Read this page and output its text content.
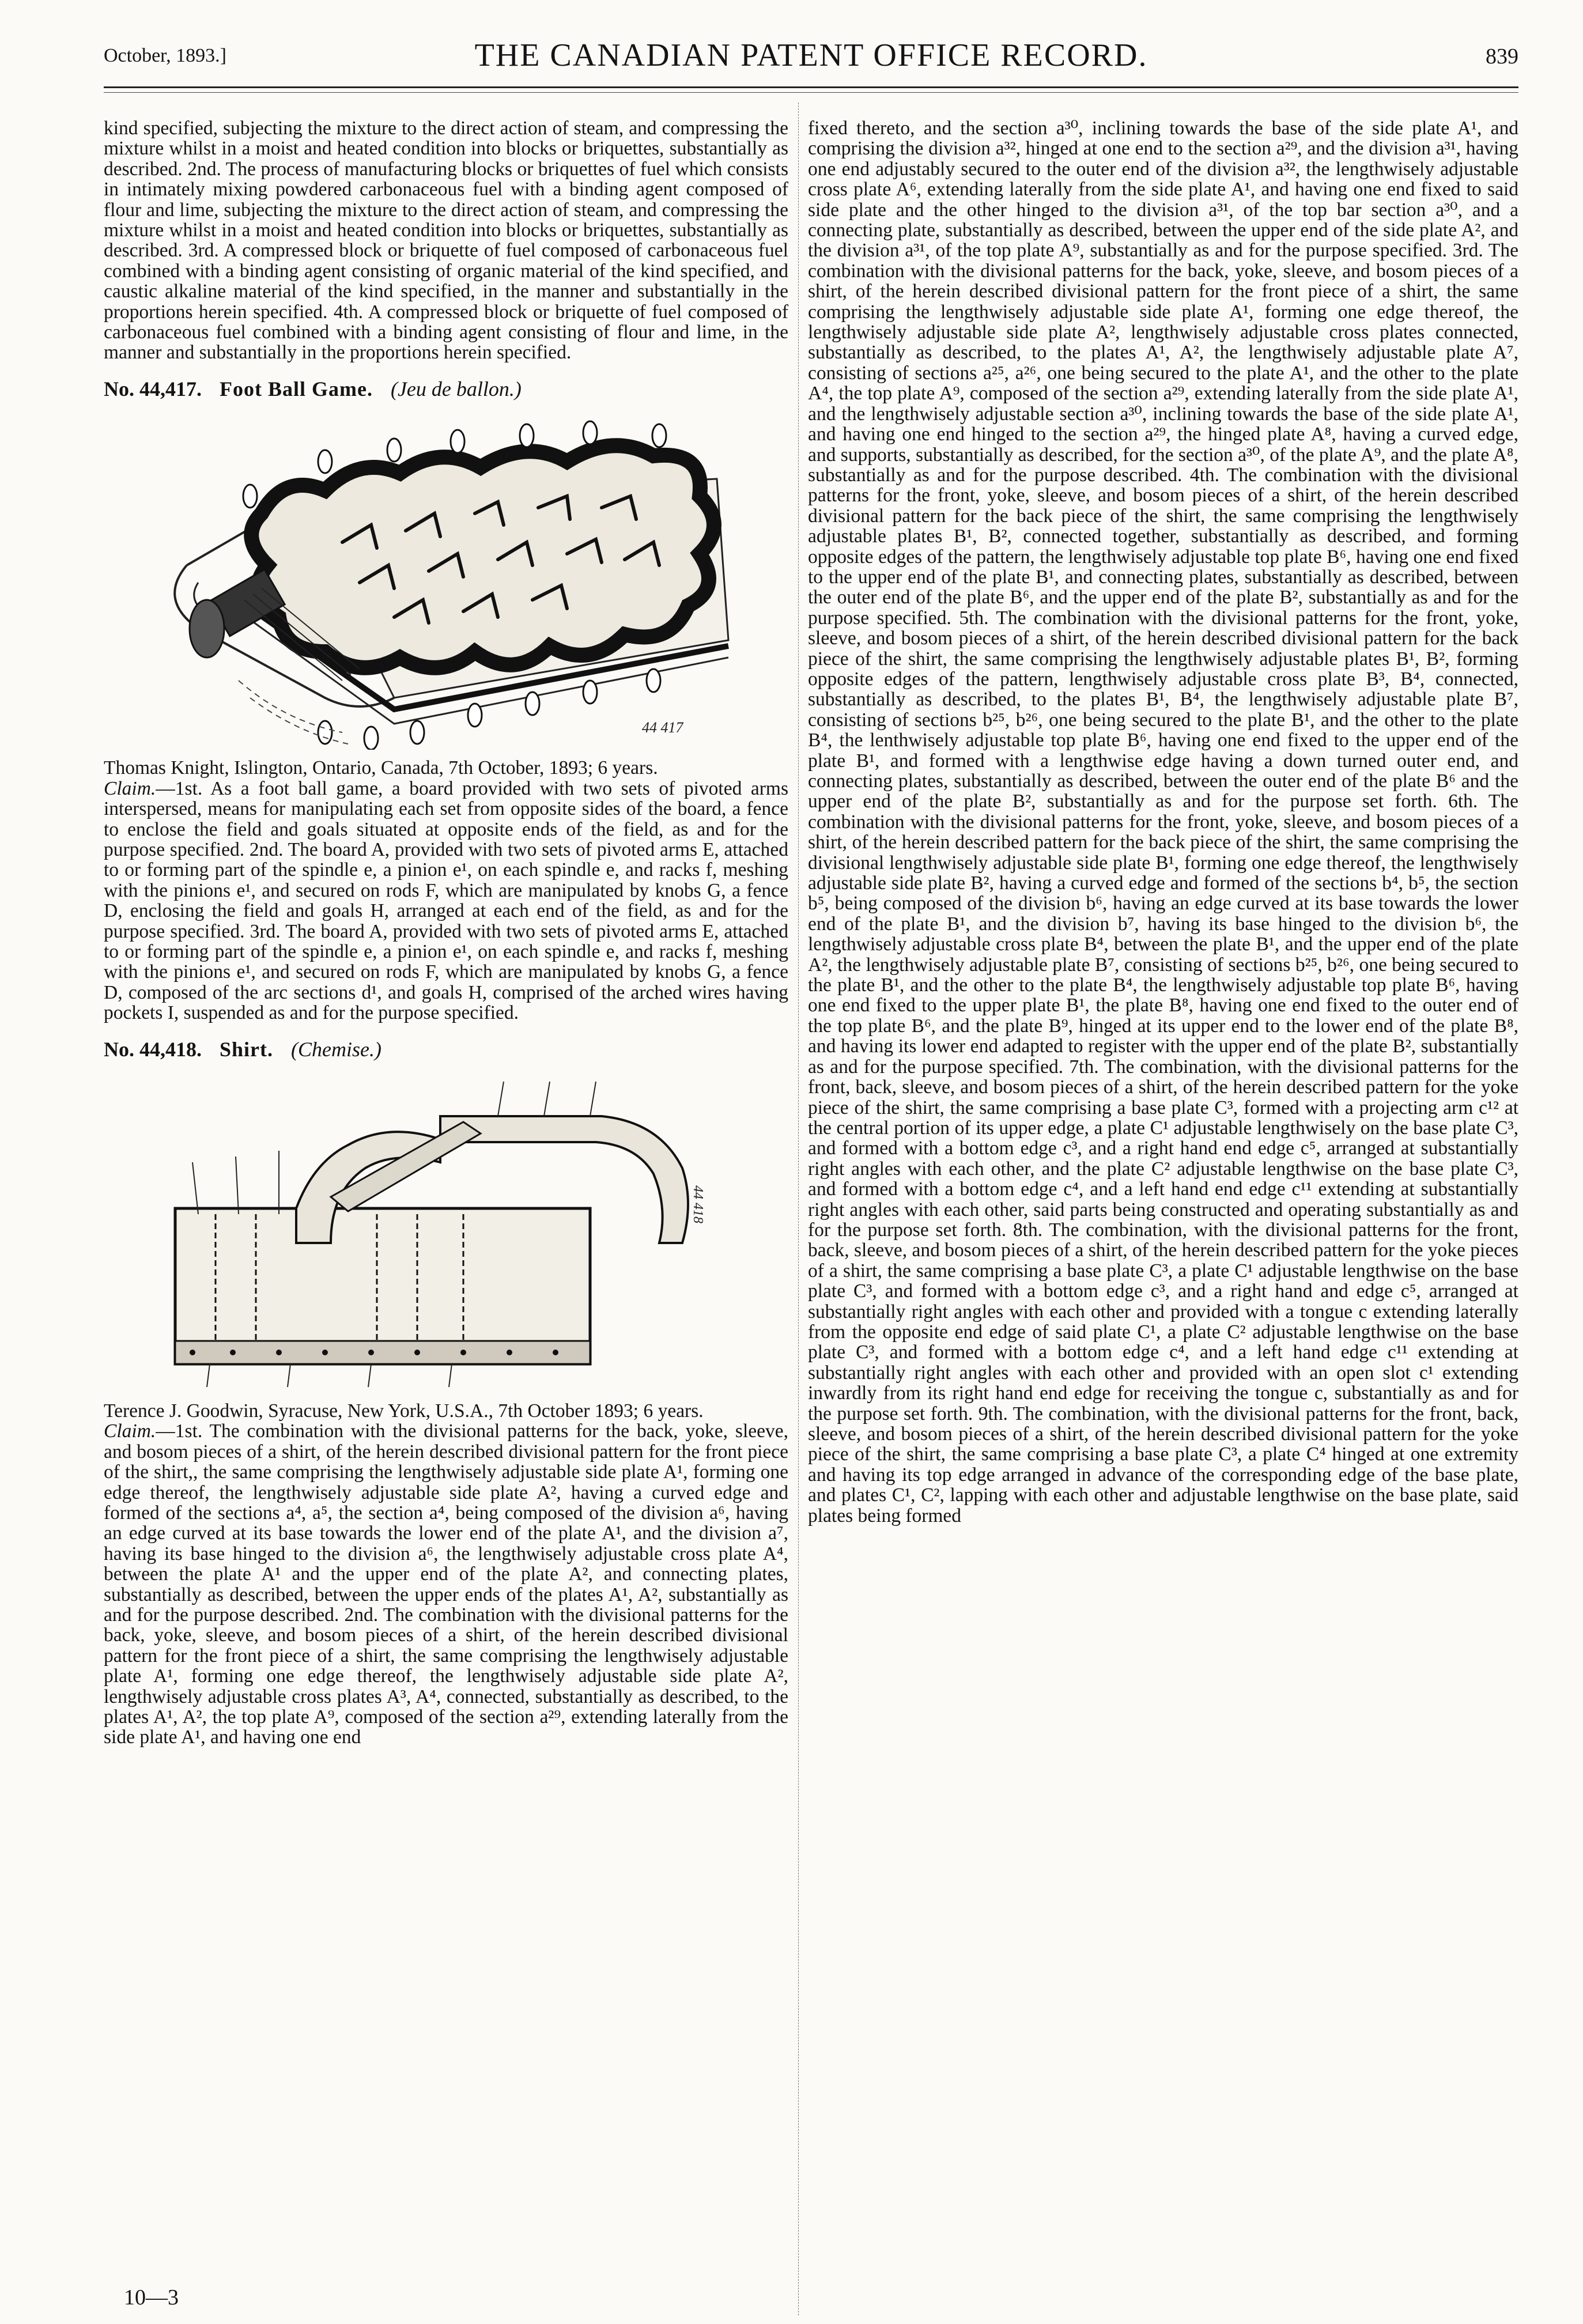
October, 1893.]	THE CANADIAN PATENT OFFICE RECORD.	839

kind specified, subjecting the mixture to the direct action of steam, and compressing the mixture whilst in a moist and heated condition into blocks or briquettes, substantially as described. 2nd. The process of manufacturing blocks or briquettes of fuel which consists in intimately mixing powdered carbonaceous fuel with a binding agent composed of flour and lime, subjecting the mixture to the direct action of steam, and compressing the mixture whilst in a moist and heated condition into blocks or briquettes, substantially as described. 3rd. A compressed block or briquette of fuel composed of carbonaceous fuel combined with a binding agent consisting of organic material of the kind specified, and caustic alkaline material of the kind specified, in the manner and substantially in the proportions herein specified. 4th. A compressed block or briquette of fuel composed of carbonaceous fuel combined with a binding agent consisting of flour and lime, in the manner and substantially in the proportions herein specified.

No. 44,417. Foot Ball Game. (Jeu de ballon.)

44 417

Thomas Knight, Islington, Ontario, Canada, 7th October, 1893; 6 years.

Claim.—1st. As a foot ball game, a board provided with two sets of pivoted arms interspersed, means for manipulating each set from opposite sides of the board, a fence to enclose the field and goals situated at opposite ends of the field, as and for the purpose specified. 2nd. The board A, provided with two sets of pivoted arms E, attached to or forming part of the spindle e, a pinion e¹, on each spindle e, and racks f, meshing with the pinions e¹, and secured on rods F, which are manipulated by knobs G, a fence D, enclosing the field and goals H, arranged at each end of the field, as and for the purpose specified. 3rd. The board A, provided with two sets of pivoted arms E, attached to or forming part of the spindle e, a pinion e¹, on each spindle e, and racks f, meshing with the pinions e¹, and secured on rods F, which are manipulated by knobs G, a fence D, composed of the arc sections d¹, and goals H, comprised of the arched wires having pockets I, suspended as and for the purpose specified.

No. 44,418. Shirt. (Chemise.)

44 418

Terence J. Goodwin, Syracuse, New York, U.S.A., 7th October 1893; 6 years.

Claim.—1st. The combination with the divisional patterns for the back, yoke, sleeve, and bosom pieces of a shirt, of the herein described divisional pattern for the front piece of the shirt,, the same comprising the lengthwisely adjustable side plate A¹, forming one edge thereof, the lengthwisely adjustable side plate A², having a curved edge and formed of the sections a⁴, a⁵, the section a⁴, being composed of the division a⁶, having an edge curved at its base towards the lower end of the plate A¹, and the division a⁷, having its base hinged to the division a⁶, the lengthwisely adjustable cross plate A⁴, between the plate A¹ and the upper end of the plate A², and connecting plates, substantially as described, between the upper ends of the plates A¹, A², substantially as and for the purpose described. 2nd. The combination with the divisional patterns for the back, yoke, sleeve, and bosom pieces of a shirt, of the herein described divisional pattern for the front piece of a shirt, the same comprising the lengthwisely adjustable plate A¹, forming one edge thereof, the lengthwisely adjustable side plate A², lengthwisely adjustable cross plates A³, A⁴, connected, substantially as described, to the plates A¹, A², the top plate A⁹, composed of the section a²⁹, extending laterally from the side plate A¹, and having one end

fixed thereto, and the section a³⁰, inclining towards the base of the side plate A¹, and comprising the division a³², hinged at one end to the section a²⁹, and the division a³¹, having one end adjustably secured to the outer end of the division a³², the lengthwisely adjustable cross plate A⁶, extending laterally from the side plate A¹, and having one end fixed to said side plate and the other hinged to the division a³¹, of the top bar section a³⁰, and a connecting plate, substantially as described, between the upper end of the side plate A², and the division a³¹, of the top plate A⁹, substantially as and for the purpose specified. 3rd. The combination with the divisional patterns for the back, yoke, sleeve, and bosom pieces of a shirt, of the herein described divisional pattern for the front piece of a shirt, the same comprising the lengthwisely adjustable side plate A¹, forming one edge thereof, the lengthwisely adjustable side plate A², lengthwisely adjustable cross plates connected, substantially as described, to the plates A¹, A², the lengthwisely adjustable plate A⁷, consisting of sections a²⁵, a²⁶, one being secured to the plate A¹, and the other to the plate A⁴, the top plate A⁹, composed of the section a²⁹, extending laterally from the side plate A¹, and the lengthwisely adjustable section a³⁰, inclining towards the base of the side plate A¹, and having one end hinged to the section a²⁹, the hinged plate A⁸, having a curved edge, and supports, substantially as described, for the section a³⁰, of the plate A⁹, and the plate A⁸, substantially as and for the purpose described. 4th. The combination with the divisional patterns for the front, yoke, sleeve, and bosom pieces of a shirt, of the herein described divisional pattern for the back piece of the shirt, the same comprising the lengthwisely adjustable plates B¹, B², connected together, substantially as described, and forming opposite edges of the pattern, the lengthwisely adjustable top plate B⁶, having one end fixed to the upper end of the plate B¹, and connecting plates, substantially as described, between the outer end of the plate B⁶, and the upper end of the plate B², substantially as and for the purpose specified. 5th. The combination with the divisional patterns for the front, yoke, sleeve, and bosom pieces of a shirt, of the herein described divisional pattern for the back piece of the shirt, the same comprising the lengthwisely adjustable plates B¹, B², forming opposite edges of the pattern, lengthwisely adjustable cross plate B³, B⁴, connected, substantially as described, to the plates B¹, B⁴, the lengthwisely adjustable plate B⁷, consisting of sections b²⁵, b²⁶, one being secured to the plate B¹, and the other to the plate B⁴, the lenthwisely adjustable top plate B⁶, having one end fixed to the upper end of the plate B¹, and formed with a lengthwise edge having a down turned outer end, and connecting plates, substantially as described, between the outer end of the plate B⁶ and the upper end of the plate B², substantially as and for the purpose set forth. 6th. The combination with the divisional patterns for the front, yoke, sleeve, and bosom pieces of a shirt, of the herein described pattern for the back piece of the shirt, the same comprising the divisional lengthwisely adjustable side plate B¹, forming one edge thereof, the lengthwisely adjustable side plate B², having a curved edge and formed of the sections b⁴, b⁵, the section b⁵, being composed of the division b⁶, having an edge curved at its base towards the lower end of the plate B¹, and the division b⁷, having its base hinged to the division b⁶, the lengthwisely adjustable cross plate B⁴, between the plate B¹, and the upper end of the plate A², the lengthwisely adjustable plate B⁷, consisting of sections b²⁵, b²⁶, one being secured to the plate B¹, and the other to the plate B⁴, the lengthwisely adjustable top plate B⁶, having one end fixed to the upper plate B¹, the plate B⁸, having one end fixed to the outer end of the top plate B⁶, and the plate B⁹, hinged at its upper end to the lower end of the plate B⁸, and having its lower end adapted to register with the upper end of the plate B², substantially as and for the purpose specified. 7th. The combination, with the divisional patterns for the front, back, sleeve, and bosom pieces of a shirt, of the herein described pattern for the yoke piece of the shirt, the same comprising a base plate C³, formed with a projecting arm c¹² at the central portion of its upper edge, a plate C¹ adjustable lengthwisely on the base plate C³, and formed with a bottom edge c³, and a right hand end edge c⁵, arranged at substantially right angles with each other, and the plate C² adjustable lengthwise on the base plate C³, and formed with a bottom edge c⁴, and a left hand end edge c¹¹ extending at substantially right angles with each other, said parts being constructed and operating substantially as and for the purpose set forth. 8th. The combination, with the divisional patterns for the front, back, sleeve, and bosom pieces of a shirt, of the herein described pattern for the yoke pieces of a shirt, the same comprising a base plate C³, a plate C¹ adjustable lengthwise on the base plate C³, and formed with a bottom edge c³, and a right hand and edge c⁵, arranged at substantially right angles with each other and provided with a tongue c extending laterally from the opposite end edge of said plate C¹, a plate C² adjustable lengthwise on the base plate C³, and formed with a bottom edge c⁴, and a left hand edge c¹¹ extending at substantially right angles with each other and provided with an open slot c¹ extending inwardly from its right hand end edge for receiving the tongue c, substantially as and for the purpose set forth. 9th. The combination, with the divisional patterns for the front, back, sleeve, and bosom pieces of a shirt, of the herein described divisional pattern for the yoke piece of the shirt, the same comprising a base plate C³, a plate C⁴ hinged at one extremity and having its top edge arranged in advance of the corresponding edge of the base plate, and plates C¹, C², lapping with each other and adjustable lengthwise on the base plate, said plates being formed

10—3
